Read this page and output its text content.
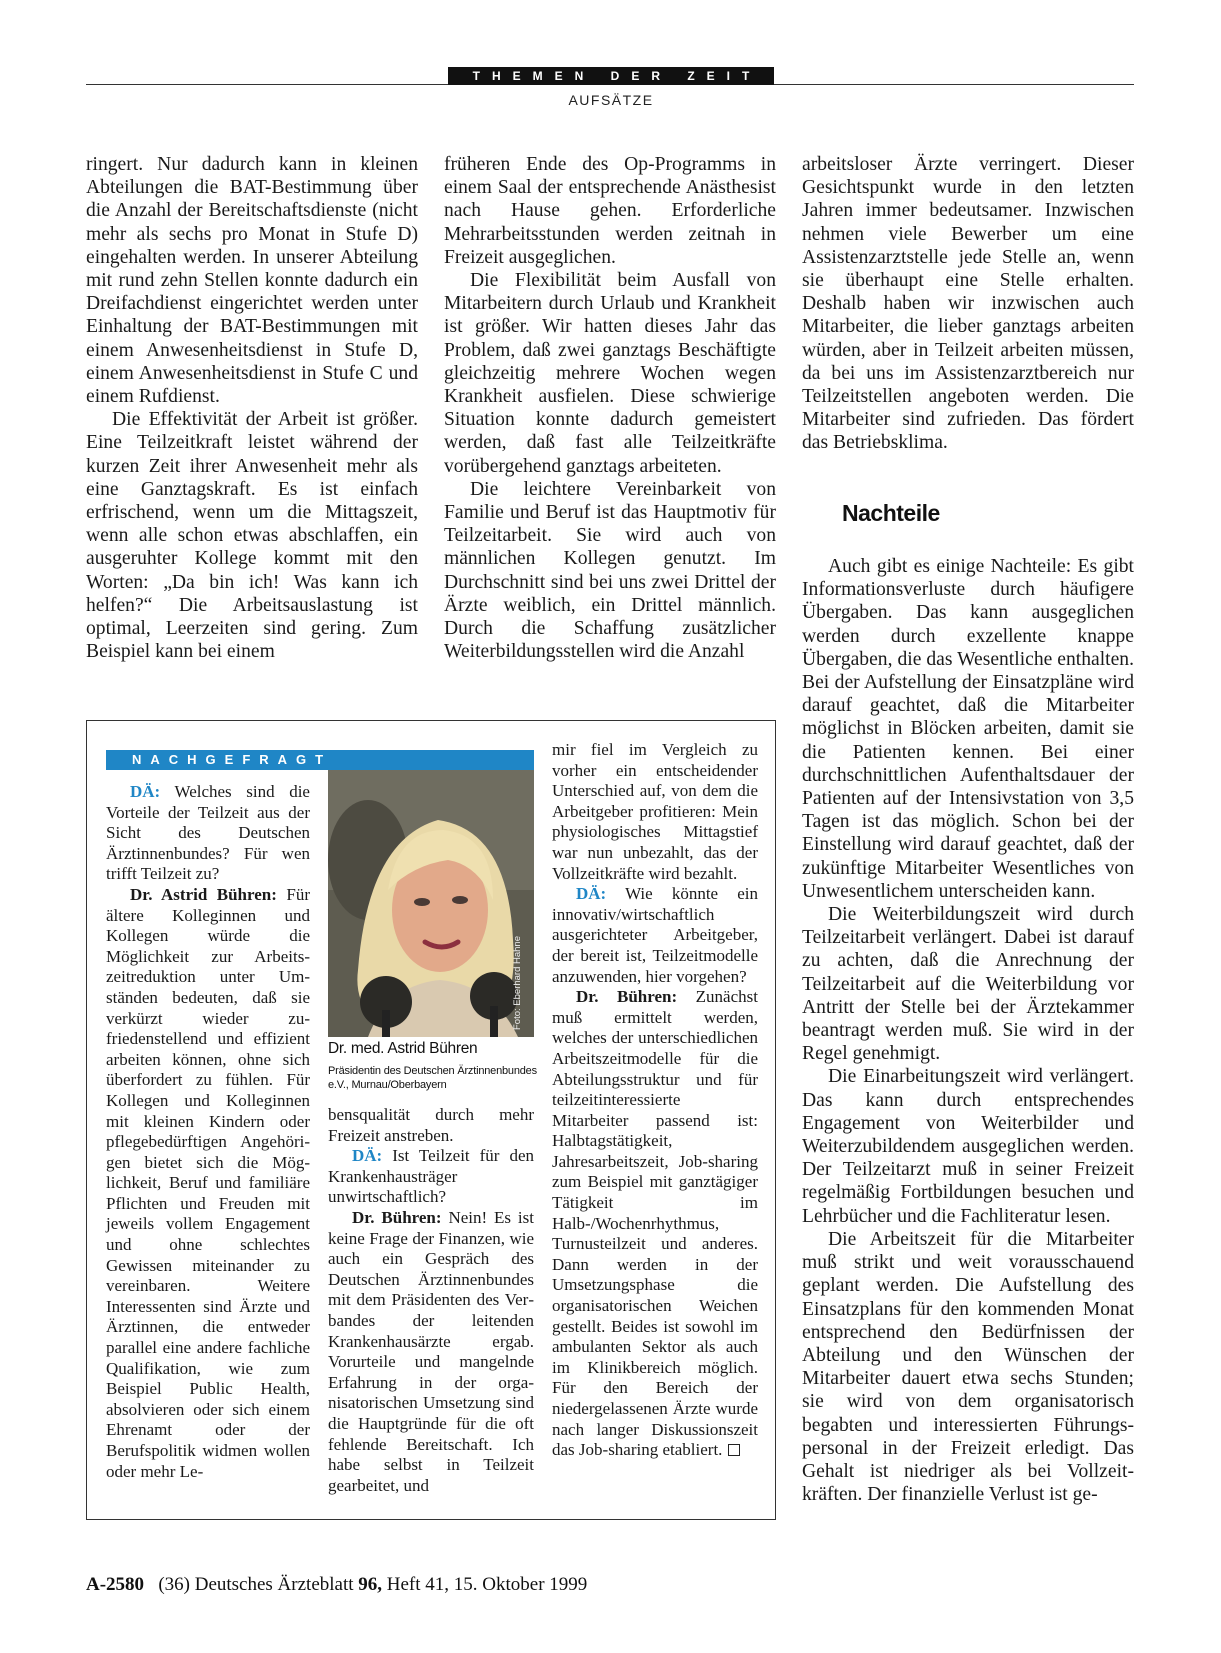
THEMEN DER ZEIT
AUFSÄTZE

ringert. Nur dadurch kann in kleinen Abteilungen die BAT-Bestimmung über die Anzahl der Bereitschaftsdienste (nicht mehr als sechs pro Monat in Stufe D) eingehalten werden. In unserer Abteilung mit rund zehn Stellen konnte dadurch ein Dreifachdienst eingerichtet werden unter Einhaltung der BAT-Bestimmungen mit einem Anwesenheitsdienst in Stufe D, einem Anwesenheitsdienst in Stufe C und einem Rufdienst.

Die Effektivität der Arbeit ist größer. Eine Teilzeitkraft leistet während der kurzen Zeit ihrer Anwesenheit mehr als eine Ganztagskraft. Es ist einfach erfrischend, wenn um die Mittagszeit, wenn alle schon etwas abschlaffen, ein ausgeruhter Kollege kommt mit den Worten: „Da bin ich! Was kann ich helfen?“ Die Arbeitsauslastung ist optimal, Leerzeiten sind gering. Zum Beispiel kann bei einem

früheren Ende des Op-Programms in einem Saal der entsprechende Anästhesist nach Hause gehen. Erforderliche Mehrarbeitsstunden werden zeitnah in Freizeit ausgeglichen.

Die Flexibilität beim Ausfall von Mitarbeitern durch Urlaub und Krankheit ist größer. Wir hatten dieses Jahr das Problem, daß zwei ganztags Beschäftigte gleichzeitig mehrere Wochen wegen Krankheit ausfielen. Diese schwierige Situation konnte dadurch gemeistert werden, daß fast alle Teilzeitkräfte vorübergehend ganztags arbeiteten.

Die leichtere Vereinbarkeit von Familie und Beruf ist das Hauptmotiv für Teilzeitarbeit. Sie wird auch von männlichen Kollegen genutzt. Im Durchschnitt sind bei uns zwei Drittel der Ärzte weiblich, ein Drittel männlich. Durch die Schaffung zusätzlicher Weiterbildungsstellen wird die Anzahl

arbeitsloser Ärzte verringert. Dieser Gesichtspunkt wurde in den letzten Jahren immer bedeutsamer. Inzwischen nehmen viele Bewerber um eine Assistenzarztstelle jede Stelle an, wenn sie überhaupt eine Stelle erhalten. Deshalb haben wir inzwischen auch Mitarbeiter, die lieber ganztags arbeiten würden, aber in Teilzeit arbeiten müssen, da bei uns im Assistenzarztbereich nur Teilzeitstellen angeboten werden. Die Mitarbeiter sind zufrieden. Das fördert das Betriebsklima.

Nachteile

Auch gibt es einige Nachteile: Es gibt Informationsverluste durch häufigere Übergaben. Das kann ausgeglichen werden durch exzellente knappe Übergaben, die das Wesentliche enthalten. Bei der Aufstellung der Einsatzpläne wird darauf geachtet, daß die Mitarbeiter möglichst in Blöcken arbeiten, damit sie die Patienten kennen. Bei einer durchschnittlichen Aufenthaltsdauer der Patienten auf der Intensivstation von 3,5 Tagen ist das möglich. Schon bei der Einstellung wird darauf geachtet, daß der zukünftige Mitarbeiter Wesentliches von Unwesentlichem unterscheiden kann.

Die Weiterbildungszeit wird durch Teilzeitarbeit verlängert. Dabei ist darauf zu achten, daß die Anrechnung der Teilzeitarbeit auf die Weiterbildung vor Antritt der Stelle bei der Ärztekammer beantragt werden muß. Sie wird in der Regel genehmigt.

Die Einarbeitungszeit wird verlängert. Das kann durch entsprechendes Engagement von Weiterbilder und Weiterzubildendem ausgeglichen werden. Der Teilzeitarzt muß in seiner Freizeit regelmäßig Fortbildungen besuchen und Lehrbücher und die Fachliteratur lesen.

Die Arbeitszeit für die Mitarbeiter muß strikt und weit vorausschauend geplant werden. Die Aufstellung des Einsatzplans für den kommenden Monat entsprechend den Bedürfnissen der Abteilung und den Wünschen der Mitarbeiter dauert etwa sechs Stunden; sie wird von dem organisatorisch begabten und interessierten Führungspersonal in der Freizeit erledigt. Das Gehalt ist niedriger als bei Vollzeitkräften. Der finanzielle Verlust ist ge-

NACHGEFRAGT

DÄ: Welches sind die Vorteile der Teilzeit aus der Sicht des Deutschen Ärztinnenbundes? Für wen trifft Teilzeit zu?

Dr. Astrid Bühren: Für ältere Kolleginnen und Kollegen würde die Möglichkeit zur Arbeitszeitreduktion unter Umständen bedeuten, daß sie verkürzt wieder zufriedenstellend und effizient arbeiten können, ohne sich überfordert zu fühlen. Für Kollegen und Kolleginnen mit kleinen Kindern oder pflegebedürftigen Angehörigen bietet sich die Möglichkeit, Beruf und familiäre Pflichten und Freuden mit jeweils vollem Engagement und ohne schlechtes Gewissen miteinander zu vereinbaren. Weitere Interessenten sind Ärzte und Ärztinnen, die entweder parallel eine andere fachliche Qualifikation, wie zum Beispiel Public Health, absolvieren oder sich einem Ehrenamt oder der Berufspolitik widmen wollen oder mehr Le-

Foto: Eberhard Hahne
Dr. med. Astrid Bühren
Präsidentin des Deutschen Ärztinnenbundes e.V., Murnau/Oberbayern

bensqualität durch mehr Freizeit anstreben.

DÄ: Ist Teilzeit für den Krankenhausträger unwirtschaftlich?

Dr. Bühren: Nein! Es ist keine Frage der Finanzen, wie auch ein Gespräch des Deutschen Ärztinnenbundes mit dem Präsidenten des Verbandes der leitenden Krankenhausärzte ergab. Vorurteile und mangelnde Erfahrung in der organisatorischen Umsetzung sind die Hauptgründe für die oft fehlende Bereitschaft. Ich habe selbst in Teilzeit gearbeitet, und

mir fiel im Vergleich zu vorher ein entscheidender Unterschied auf, von dem die Arbeitgeber profitieren: Mein physiologisches Mittagstief war nun unbezahlt, das der Vollzeitkräfte wird bezahlt.

DÄ: Wie könnte ein innovativ/wirtschaftlich ausgerichteter Arbeitgeber, der bereit ist, Teilzeitmodelle anzuwenden, hier vorgehen?

Dr. Bühren: Zunächst muß ermittelt werden, welches der unterschiedlichen Arbeitszeitmodelle für die Abteilungsstruktur und für teilzeitinteressierte Mitarbeiter passend ist: Halbtagstätigkeit, Jahresarbeitszeit, Job-sharing zum Beispiel mit ganztägiger Tätigkeit im Halb-/Wochenrhythmus, Turnusteilzeit und anderes. Dann werden in der Umsetzungsphase die organisatorischen Weichen gestellt. Beides ist sowohl im ambulanten Sektor als auch im Klinikbereich möglich. Für den Bereich der niedergelassenen Ärzte wurde nach langer Diskussionszeit das Job-sharing etabliert.

A-2580 (36) Deutsches Ärzteblatt 96, Heft 41, 15. Oktober 1999
